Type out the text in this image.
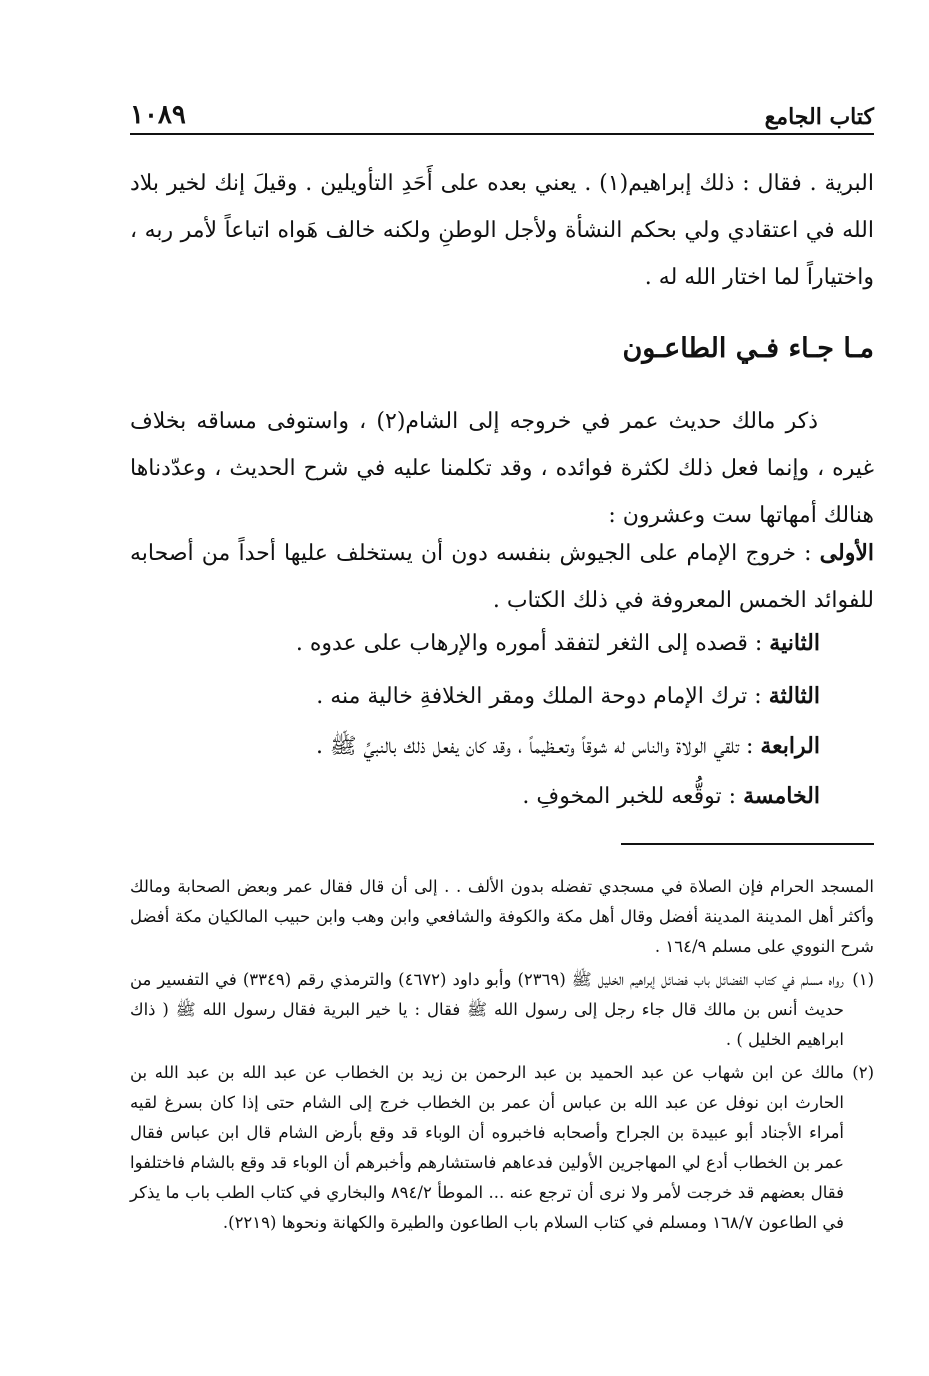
كتاب الجامع
١٠٨٩
البرية . فقال : ذلك إبراهيم(١) . يعني بعده على أَحَدِ التأويلين . وقيلَ إنك لخير بلاد الله في اعتقادي ولي بحكم النشأة ولأجل الوطنِ ولكنه خالف هَواه اتباعاً لأمر ربه ، واختياراً لما اختار الله له .
مـا جـاء فـي الطاعـون
ذكر مالك حديث عمر في خروجه إلى الشام(٢) ، واستوفى مساقه بخلاف غيره ، وإنما فعل ذلك لكثرة فوائده ، وقد تكلمنا عليه في شرح الحديث ، وعدّدناها هنالك أمهاتها ست وعشرون :
الأولى : خروج الإمام على الجيوش بنفسه دون أن يستخلف عليها أحداً من أصحابه للفوائد الخمس المعروفة في ذلك الكتاب .
الثانية : قصده إلى الثغر لتفقد أموره والإرهاب على عدوه .
الثالثة : ترك الإمام دوحة الملك ومقر الخلافةِ خالية منه .
الرابعة : تلقي الولاة والناس له شوقاً وتعـظيماً ، وقد كان يفعل ذلك بالنبيِّ ﷺ .
الخامسة : توقُّعه للخبر المخوفِ .
المسجد الحرام فإن الصلاة في مسجدي تفضله بدون الألف . . إلى أن قال فقال عمر وبعض الصحابة ومالك وأكثر أهل المدينة المدينة أفضل وقال أهل مكة والكوفة والشافعي وابن وهب وابن حبيب المالكيان مكة أفضل شرح النووي على مسلم ١٦٤/٩ .
(١)
رواه مسلم في كتاب الفضائل باب فضائل إبراهيم الخليل ﷺ (٢٣٦٩) وأبو داود (٤٦٧٢) والترمذي رقم (٣٣٤٩) في التفسير من حديث أنس بن مالك قال جاء رجل إلى رسول الله ﷺ فقال : يا خير البرية فقال رسول الله ﷺ ( ذاك ابراهيم الخليل ) .
(٢)
مالك عن ابن شهاب عن عبد الحميد بن عبد الرحمن بن زيد بن الخطاب عن عبد الله بن عبد الله بن الحارث ابن نوفل عن عبد الله بن عباس أن عمر بن الخطاب خرج إلى الشام حتى إذا كان بسرغ لقيه أمراء الأجناد أبو عبيدة بن الجراح وأصحابه فاخبروه أن الوباء قد وقع بأرض الشام قال ابن عباس فقال عمر بن الخطاب أدع لي المهاجرين الأولين فدعاهم فاستشارهم وأخبرهم أن الوباء قد وقع بالشام فاختلفوا فقال بعضهم قد خرجت لأمر ولا نرى أن ترجع عنه ... الموطأ ٨٩٤/٢ والبخاري في كتاب الطب باب ما يذكر في الطاعون ١٦٨/٧ ومسلم في كتاب السلام باب الطاعون والطيرة والكهانة ونحوها (٢٢١٩).
